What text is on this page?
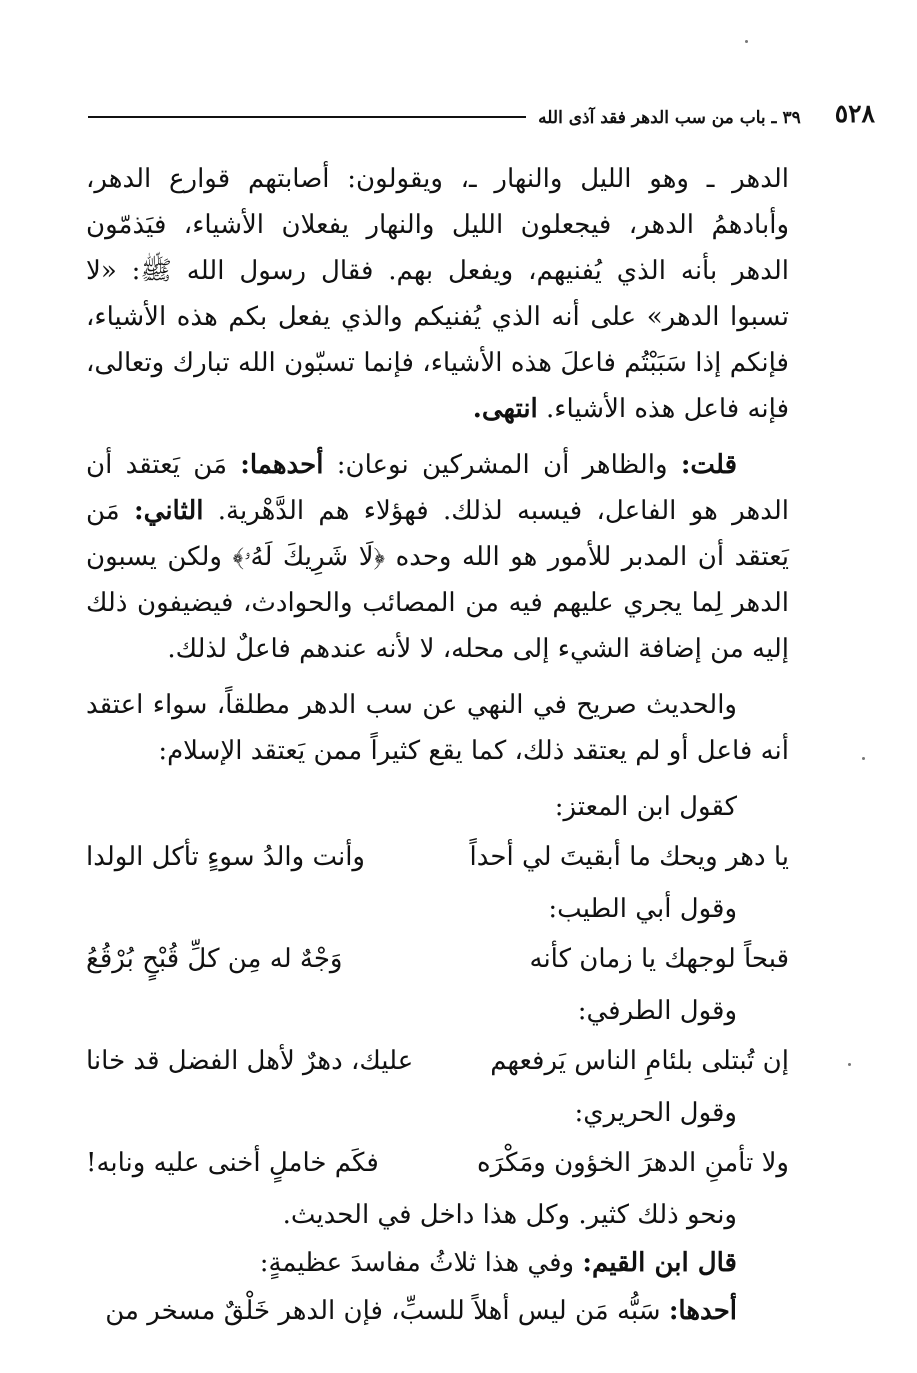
٥٢٨
٣٩ ـ باب من سب الدهر فقد آذى الله

الدهر ـ وهو الليل والنهار ـ، ويقولون: أصابتهم قوارع الدهر، وأبادهمُ الدهر، فيجعلون الليل والنهار يفعلان الأشياء، فيَذمّون الدهر بأنه الذي يُفنيهم، ويفعل بهم. فقال رسول الله ﷺ: «لا تسبوا الدهر» على أنه الذي يُفنيكم والذي يفعل بكم هذه الأشياء، فإنكم إذا سَبَبْتُم فاعلَ هذه الأشياء، فإنما تسبّون الله تبارك وتعالى، فإنه فاعل هذه الأشياء. انتهى.

قلت: والظاهر أن المشركين نوعان: أحدهما: مَن يَعتقد أن الدهر هو الفاعل، فيسبه لذلك. فهؤلاء هم الدَّهْرية. الثاني: مَن يَعتقد أن المدبر للأمور هو الله وحده ﴿لَا شَرِيكَ لَهُۥ﴾ ولكن يسبون الدهر لِما يجري عليهم فيه من المصائب والحوادث، فيضيفون ذلك إليه من إضافة الشيء إلى محله، لا لأنه عندهم فاعلٌ لذلك.

والحديث صريح في النهي عن سب الدهر مطلقاً، سواء اعتقد أنه فاعل أو لم يعتقد ذلك، كما يقع كثيراً ممن يَعتقد الإسلام:

كقول ابن المعتز:
يا دهر ويحك ما أبقيتَ لي أحداً
وأنت والدُ سوءٍ تأكل الولدا
وقول أبي الطيب:
قبحاً لوجهك يا زمان كأنه
وَجْهٌ له مِن كلِّ قُبْحٍ بُرْقُعُ
وقول الطرفي:
إن تُبتلى بلئامِ الناس يَرفعهم
عليك، دهرٌ لأهل الفضل قد خانا
وقول الحريري:
ولا تأمنِ الدهرَ الخؤون ومَكْرَه
فكَم خاملٍ أخنى عليه ونابه!
ونحو ذلك كثير. وكل هذا داخل في الحديث.
قال ابن القيم: وفي هذا ثلاثُ مفاسدَ عظيمةٍ:
أحدها: سَبُّه مَن ليس أهلاً للسبِّ، فإن الدهر خَلْقٌ مسخر من
